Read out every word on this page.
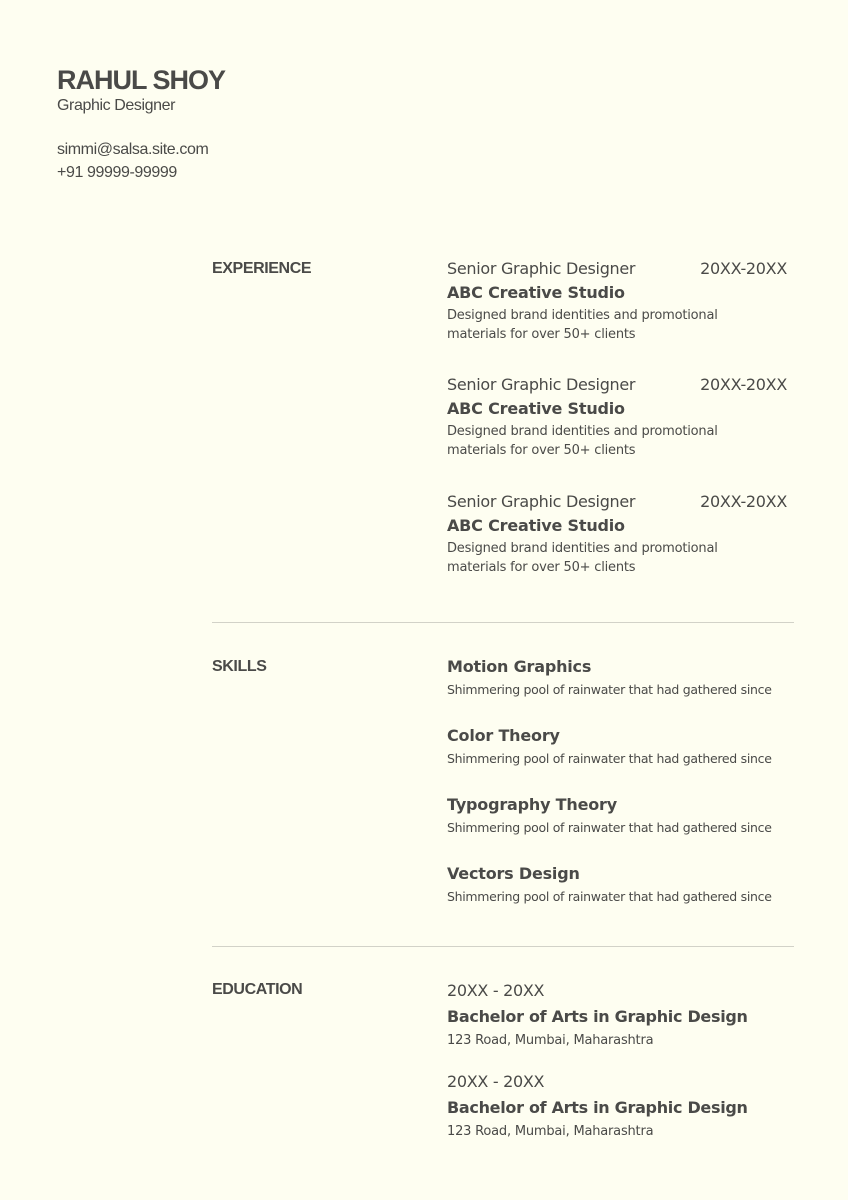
RAHUL SHOY
Graphic Designer
simmi@salsa.site.com
+91 99999-99999
EXPERIENCE	Senior Graphic Designer	20XX-20XX
ABC Creative Studio
Designed brand identities and promotional materials for over 50+ clients
Senior Graphic Designer	20XX-20XX
ABC Creative Studio
Designed brand identities and promotional materials for over 50+ clients
Senior Graphic Designer	20XX-20XX
ABC Creative Studio
Designed brand identities and promotional materials for over 50+ clients
SKILLS	Motion Graphics
Shimmering pool of rainwater that had gathered since
Color Theory
Shimmering pool of rainwater that had gathered since
Typography Theory
Shimmering pool of rainwater that had gathered since
Vectors Design
Shimmering pool of rainwater that had gathered since
EDUCATION	20XX - 20XX
Bachelor of Arts in Graphic Design
123 Road, Mumbai, Maharashtra
20XX - 20XX
Bachelor of Arts in Graphic Design
123 Road, Mumbai, Maharashtra
